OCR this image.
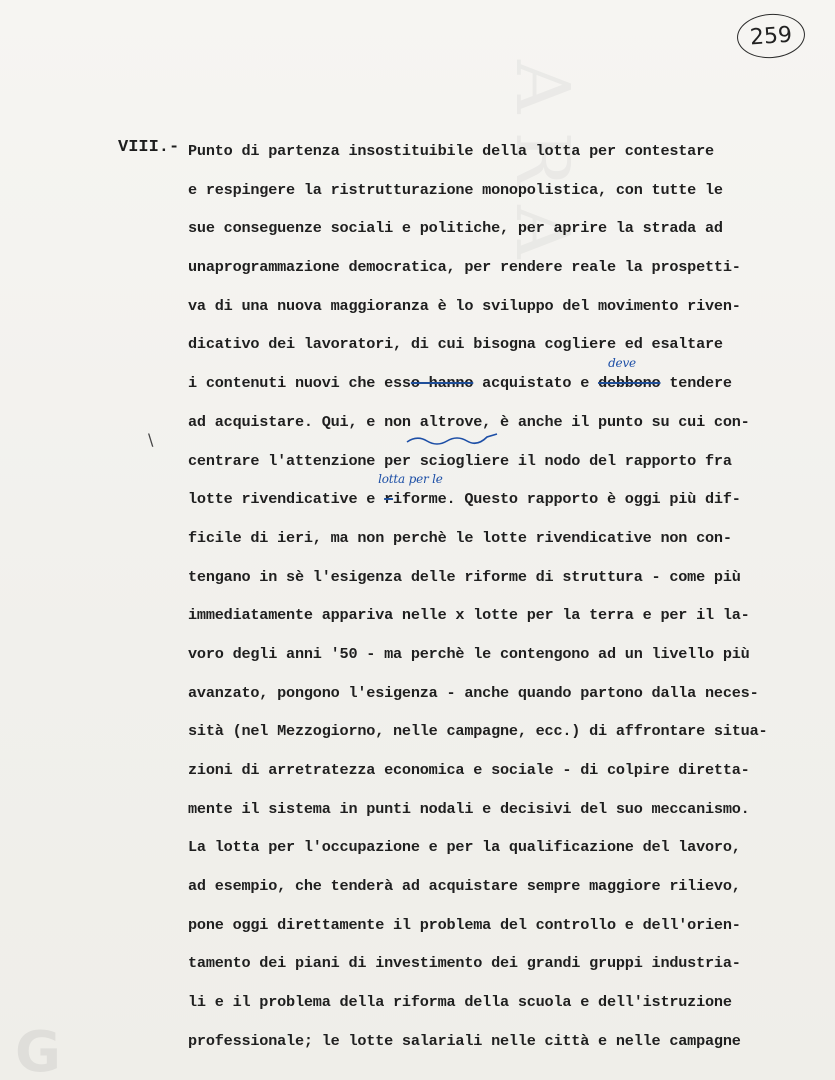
ARA
259
VIII.- Punto di partenza insostituibile della lotta per contestare
e respingere la ristrutturazione monopolistica, con tutte le
sue conseguenze sociali e politiche, per aprire la strada ad
unaprogrammazione democratica, per rendere reale la prospetti-
va di una nuova maggioranza è lo sviluppo del movimento riven-
dicativo dei lavoratori, di cui bisogna cogliere ed esaltare
i contenuti nuovi che esso hanno acquistato e
deve
debbono tendere
ad acquistare. Qui, e non altrove, è anche il punto su cui con-
centrare l'attenzione per sciogliere il nodo del rapporto fra
lotte rivendicative e
lotta per le
riforme. Questo rapporto è oggi più dif-
ficile di ieri, ma non perchè le lotte rivendicative non con-
tengano in sè l'esigenza delle riforme di struttura - come più
immediatamente appariva nelle x lotte per la terra e per il la-
voro degli anni '50 - ma perchè le contengono ad un livello più
avanzato, pongono l'esigenza - anche quando partono dalla neces-
sità (nel Mezzogiorno, nelle campagne, ecc.) di affrontare situa-
zioni di arretratezza economica e sociale - di colpire diretta-
mente il sistema in punti nodali e decisivi del suo meccanismo.
La lotta per l'occupazione e per la qualificazione del lavoro,
ad esempio, che tenderà ad acquistare sempre maggiore rilievo,
pone oggi direttamente il problema del controllo e dell'orien-
tamento dei piani di investimento dei grandi gruppi industria-
li e il problema della riforma della scuola e dell'istruzione
professionale; le lotte salariali nelle città e nelle campagne
\
G
